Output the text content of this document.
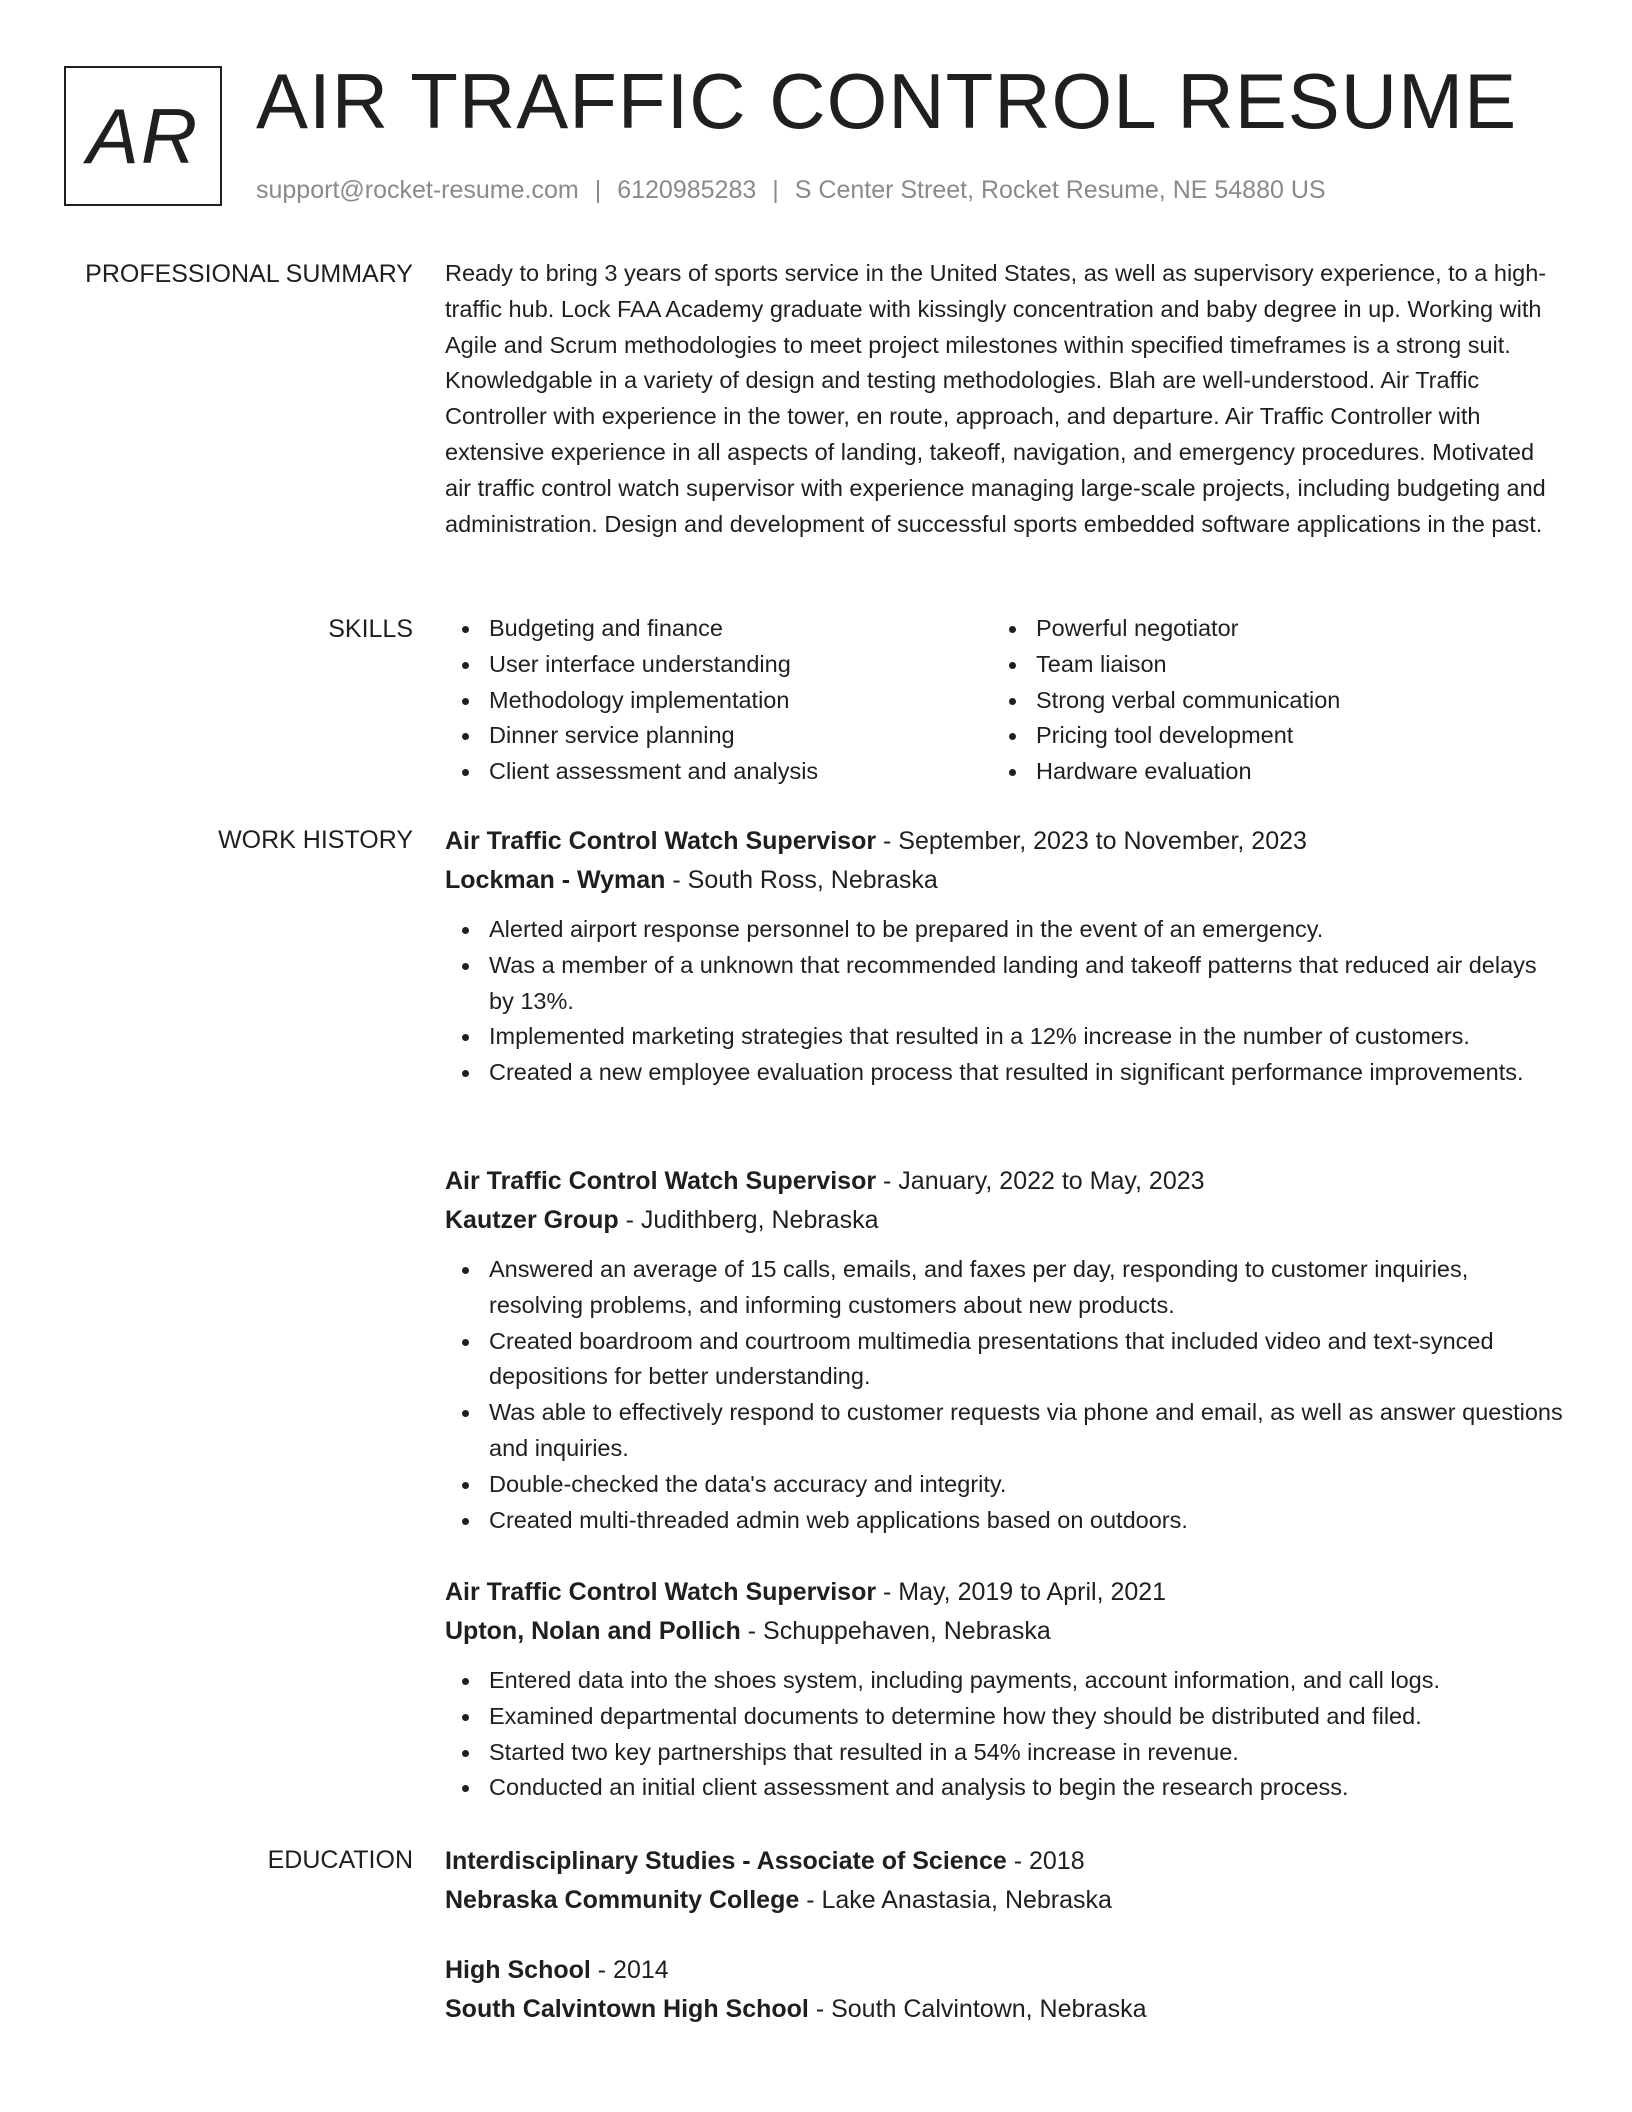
AR AIR TRAFFIC CONTROL RESUME
support@rocket-resume.com | 6120985283 | S Center Street, Rocket Resume, NE 54880 US
PROFESSIONAL SUMMARY Ready to bring 3 years of sports service in the United States, as well as supervisory experience, to a high-traffic hub. Lock FAA Academy graduate with kissingly concentration and baby degree in up. Working with Agile and Scrum methodologies to meet project milestones within specified timeframes is a strong suit. Knowledgable in a variety of design and testing methodologies. Blah are well-understood. Air Traffic Controller with experience in the tower, en route, approach, and departure. Air Traffic Controller with extensive experience in all aspects of landing, takeoff, navigation, and emergency procedures. Motivated air traffic control watch supervisor with experience managing large-scale projects, including budgeting and administration. Design and development of successful sports embedded software applications in the past.

SKILLS	Budgeting and finance
User interface understanding
Methodology implementation
Dinner service planning
Client assessment and analysis
Powerful negotiator
Team liaison
Strong verbal communication
Pricing tool development
Hardware evaluation
WORK HISTORY Air Traffic Control Watch Supervisor - September, 2023 to November, 2023
Lockman - Wyman - South Ross, Nebraska
Alerted airport response personnel to be prepared in the event of an emergency.
Was a member of a unknown that recommended landing and takeoff patterns that reduced air delays by 13%.
Implemented marketing strategies that resulted in a 12% increase in the number of customers.
Created a new employee evaluation process that resulted in significant performance improvements.
Air Traffic Control Watch Supervisor - January, 2022 to May, 2023
Kautzer Group - Judithberg, Nebraska
Answered an average of 15 calls, emails, and faxes per day, responding to customer inquiries, resolving problems, and informing customers about new products.
Created boardroom and courtroom multimedia presentations that included video and text-synced depositions for better understanding.
Was able to effectively respond to customer requests via phone and email, as well as answer questions and inquiries.
Double-checked the data's accuracy and integrity.
Created multi-threaded admin web applications based on outdoors.
Air Traffic Control Watch Supervisor - May, 2019 to April, 2021
Upton, Nolan and Pollich - Schuppehaven, Nebraska
Entered data into the shoes system, including payments, account information, and call logs.
Examined departmental documents to determine how they should be distributed and filed.
Started two key partnerships that resulted in a 54% increase in revenue.
Conducted an initial client assessment and analysis to begin the research process.
EDUCATION Interdisciplinary Studies - Associate of Science - 2018
Nebraska Community College - Lake Anastasia, Nebraska
High School - 2014
South Calvintown High School - South Calvintown, Nebraska
